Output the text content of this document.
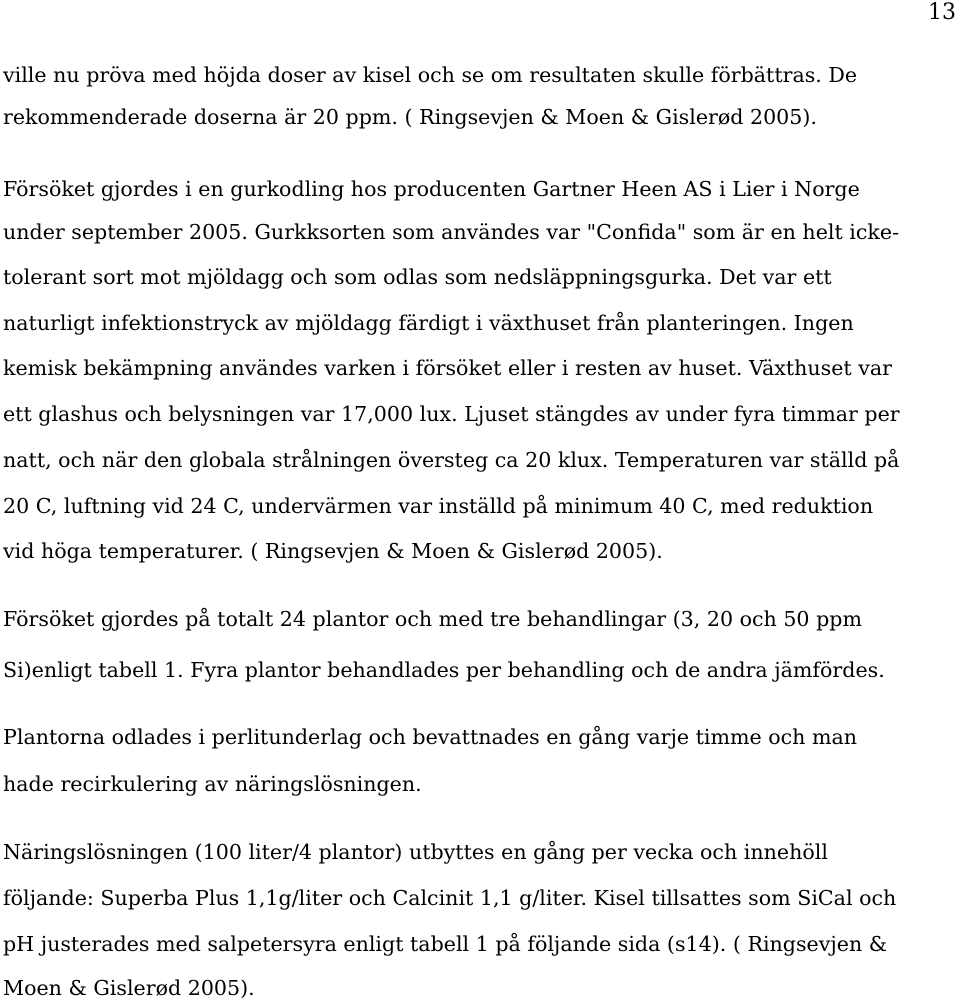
13
ville nu pröva med höjda doser av kisel och se om resultaten skulle förbättras. De
rekommenderade doserna är 20 ppm. ( Ringsevjen & Moen & Gislerød 2005).
Försöket gjordes i en gurkodling hos producenten Gartner Heen AS i Lier i Norge
under september 2005. Gurkksorten som användes var "Confida" som är en helt icke-
tolerant sort mot mjöldagg och som odlas som nedsläppningsgurka. Det var ett
naturligt infektionstryck av mjöldagg färdigt i växthuset från planteringen. Ingen
kemisk bekämpning användes varken i försöket eller i resten av huset. Växthuset var
ett glashus och belysningen var 17,000 lux. Ljuset stängdes av under fyra timmar per
natt, och när den globala strålningen översteg ca 20 klux. Temperaturen var ställd på
20 C, luftning vid 24 C, undervärmen var inställd på minimum 40 C, med reduktion
vid höga temperaturer. ( Ringsevjen & Moen & Gislerød 2005).
Försöket gjordes på totalt 24 plantor och med tre behandlingar (3, 20 och 50 ppm
Si)enligt tabell 1. Fyra plantor behandlades per behandling och de andra jämfördes.
Plantorna odlades i perlitunderlag och bevattnades en gång varje timme och man
hade recirkulering av näringslösningen.
Näringslösningen (100 liter/4 plantor) utbyttes en gång per vecka och innehöll
följande: Superba Plus 1,1g/liter och Calcinit 1,1 g/liter. Kisel tillsattes som SiCal och
pH justerades med salpetersyra enligt tabell 1 på följande sida (s14). ( Ringsevjen &
Moen & Gislerød 2005).
